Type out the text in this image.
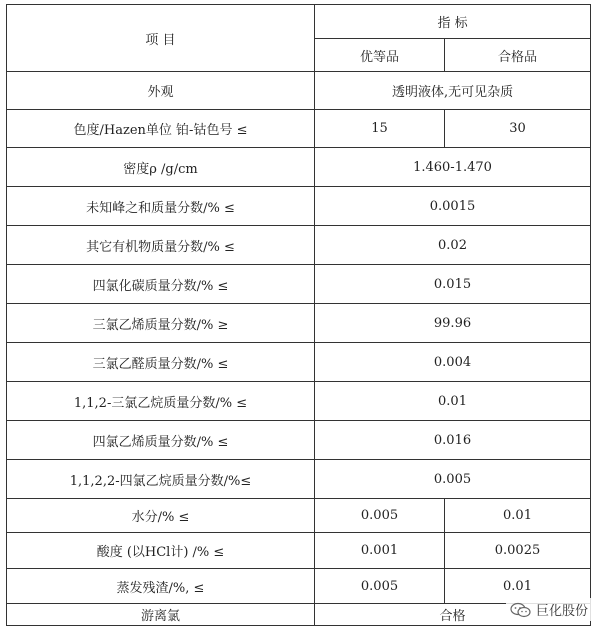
项 目	指 标	
	优等品	合格品
外观	透明液体,无可见杂质	
色度/Hazen单位 铂-钴色号 ≤	15	30
密度ρ /g/cm	1.460-1.470	
未知峰之和质量分数/% ≤	0.0015	
其它有机物质量分数/% ≤	0.02	
四氯化碳质量分数/% ≤	0.015	
三氯乙烯质量分数/% ≥	99.96	
三氯乙醛质量分数/% ≤	0.004	
1,1,2-三氯乙烷质量分数/% ≤	0.01	
四氯乙烯质量分数/% ≤	0.016	
1,1,2,2-四氯乙烷质量分数/%≤	0.005	
水分/% ≤	0.005	0.01
酸度 (以HCl计) /% ≤	0.001	0.0025
蒸发残渣/%, ≤	0.005	0.01
游离氯	合格		巨化股份
